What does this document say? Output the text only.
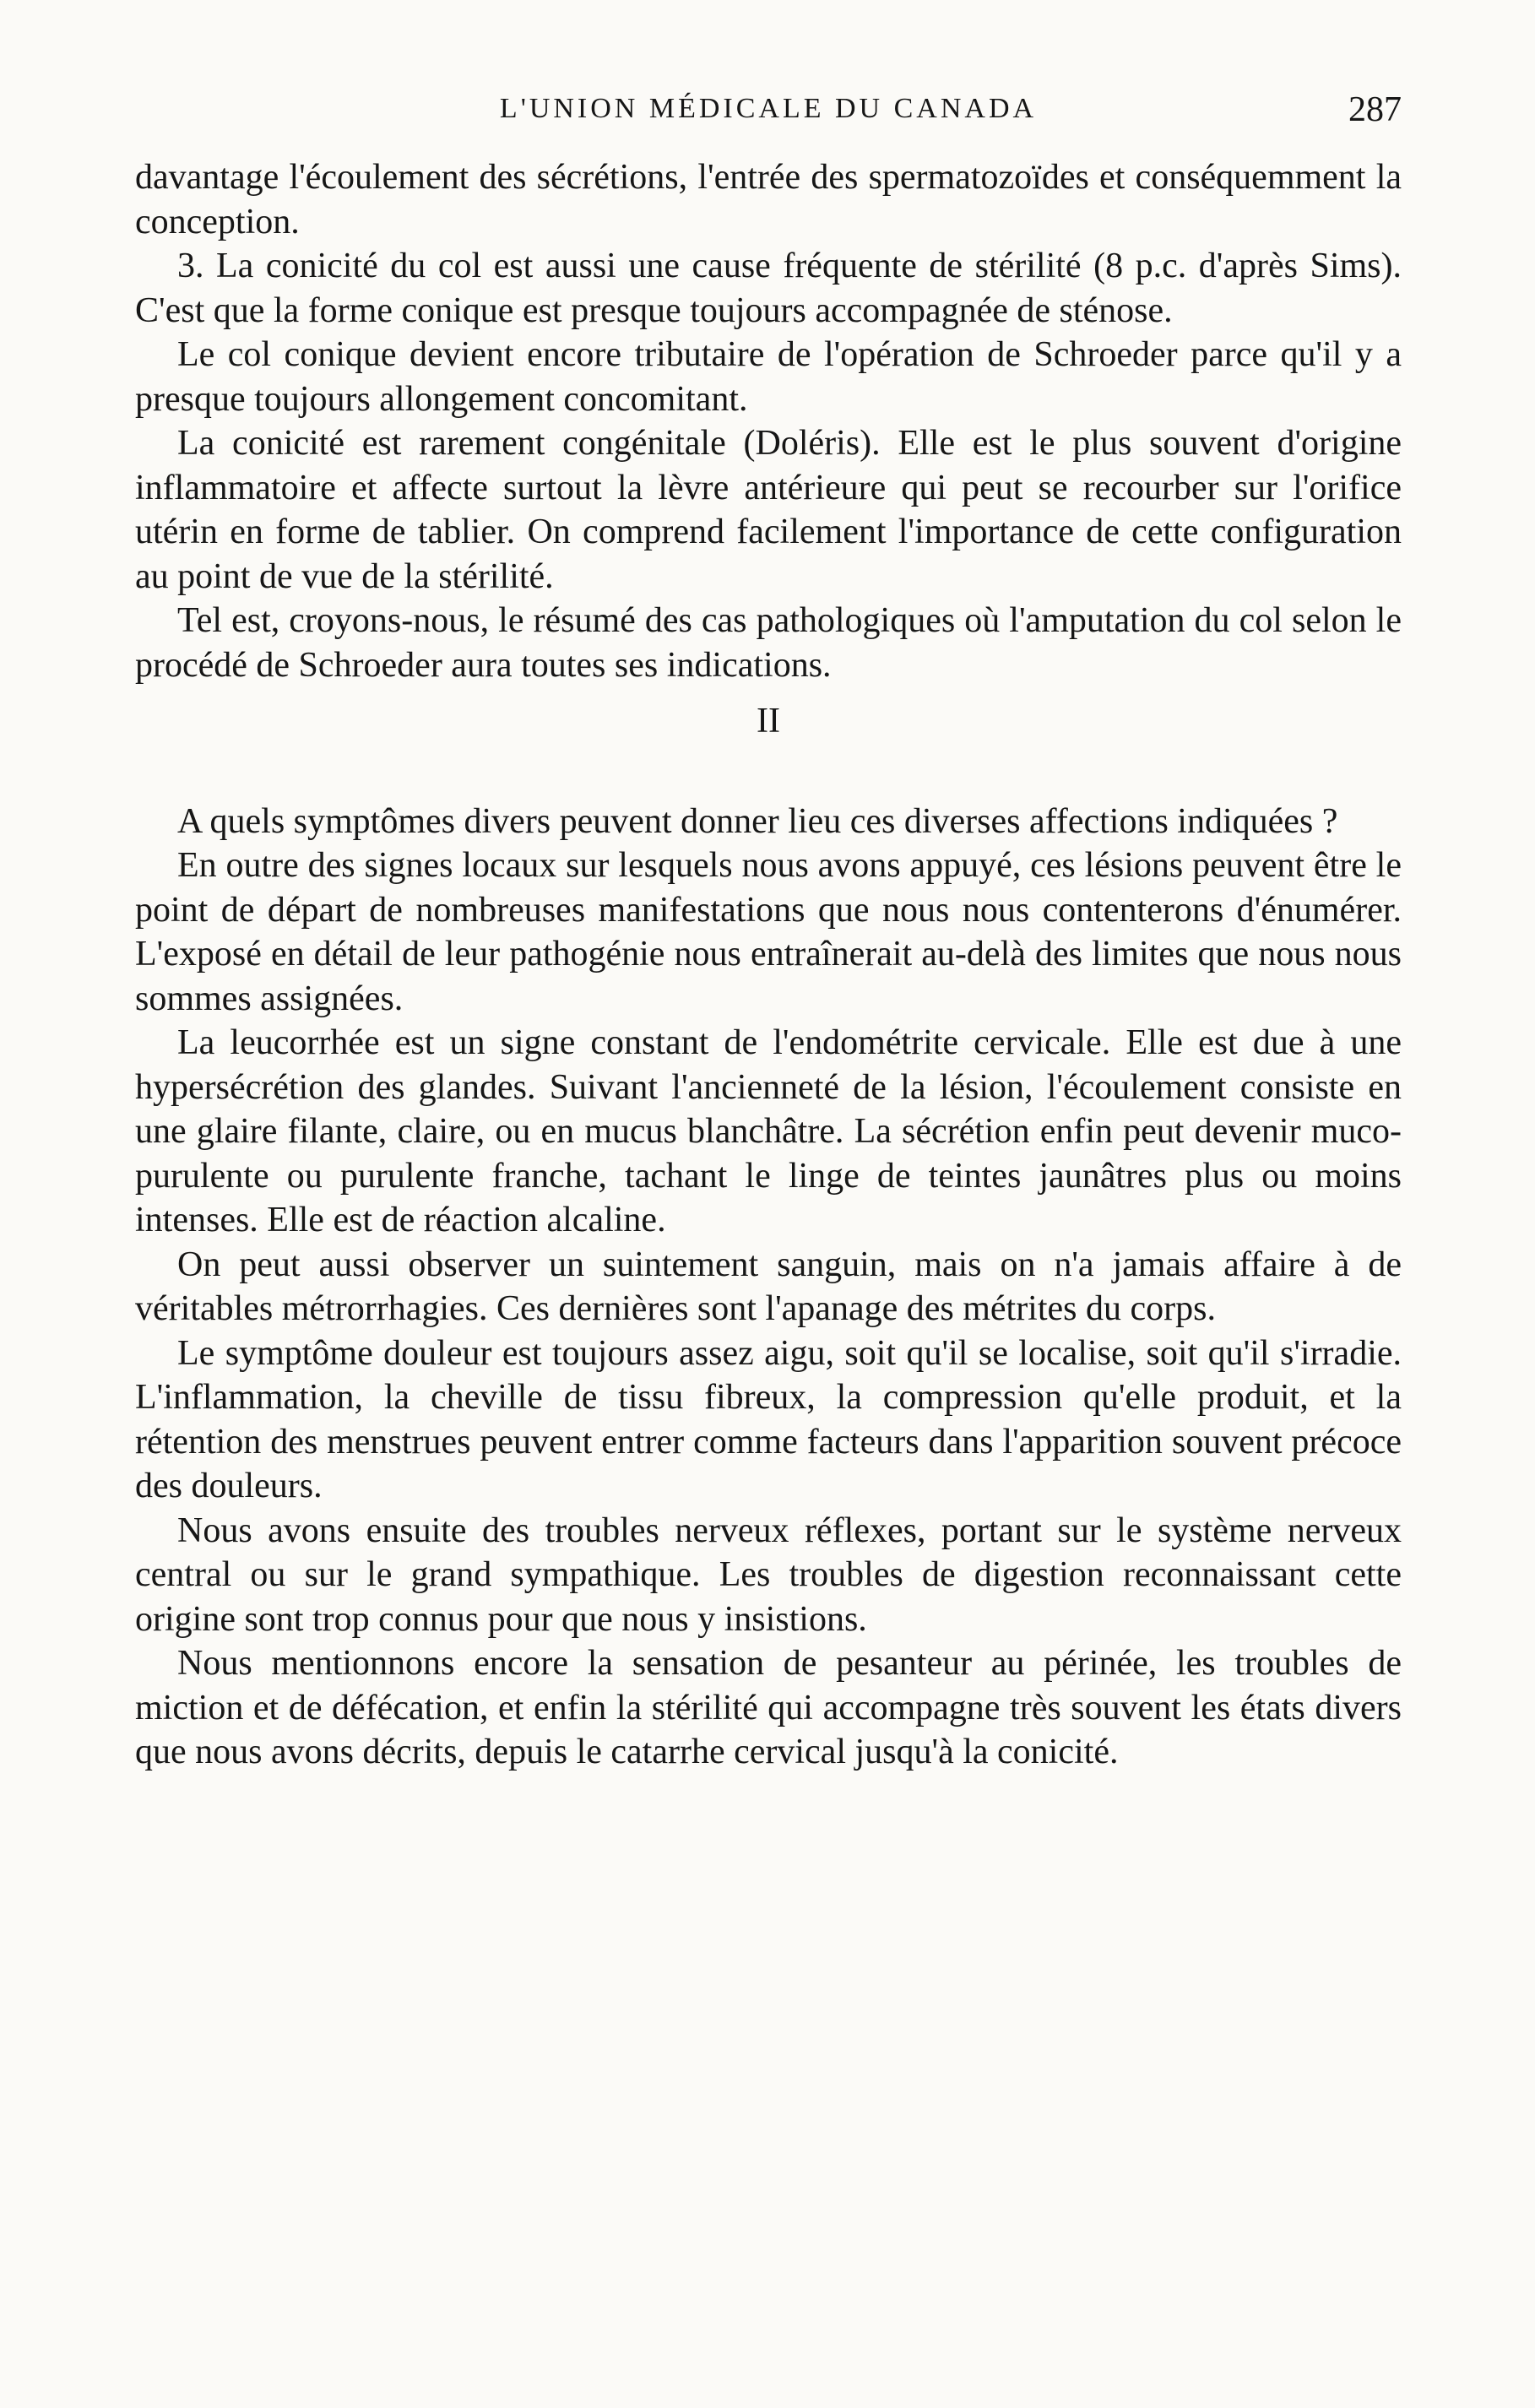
L'UNION MÉDICALE DU CANADA	287

davantage l'écoulement des sécrétions, l'entrée des spermatozoïdes et conséquemment la conception.

3. La conicité du col est aussi une cause fréquente de stérilité (8 p.c. d'après Sims). C'est que la forme conique est presque toujours accompagnée de sténose.

Le col conique devient encore tributaire de l'opération de Schroeder parce qu'il y a presque toujours allongement concomitant.

La conicité est rarement congénitale (Doléris). Elle est le plus souvent d'origine inflammatoire et affecte surtout la lèvre antérieure qui peut se recourber sur l'orifice utérin en forme de tablier. On comprend facilement l'importance de cette configuration au point de vue de la stérilité.

Tel est, croyons-nous, le résumé des cas pathologiques où l'amputation du col selon le procédé de Schroeder aura toutes ses indications.

II

A quels symptômes divers peuvent donner lieu ces diverses affections indiquées ?

En outre des signes locaux sur lesquels nous avons appuyé, ces lésions peuvent être le point de départ de nombreuses manifestations que nous nous contenterons d'énumérer. L'exposé en détail de leur pathogénie nous entraînerait au-delà des limites que nous nous sommes assignées.

La leucorrhée est un signe constant de l'endométrite cervicale. Elle est due à une hypersécrétion des glandes. Suivant l'ancienneté de la lésion, l'écoulement consiste en une glaire filante, claire, ou en mucus blanchâtre. La sécrétion enfin peut devenir muco-purulente ou purulente franche, tachant le linge de teintes jaunâtres plus ou moins intenses. Elle est de réaction alcaline.

On peut aussi observer un suintement sanguin, mais on n'a jamais affaire à de véritables métrorrhagies. Ces dernières sont l'apanage des métrites du corps.

Le symptôme douleur est toujours assez aigu, soit qu'il se localise, soit qu'il s'irradie. L'inflammation, la cheville de tissu fibreux, la compression qu'elle produit, et la rétention des menstrues peuvent entrer comme facteurs dans l'apparition souvent précoce des douleurs.

Nous avons ensuite des troubles nerveux réflexes, portant sur le système nerveux central ou sur le grand sympathique. Les troubles de digestion reconnaissant cette origine sont trop connus pour que nous y insistions.

Nous mentionnons encore la sensation de pesanteur au périnée, les troubles de miction et de défécation, et enfin la stérilité qui accompagne très souvent les états divers que nous avons décrits, depuis le catarrhe cervical jusqu'à la conicité.
